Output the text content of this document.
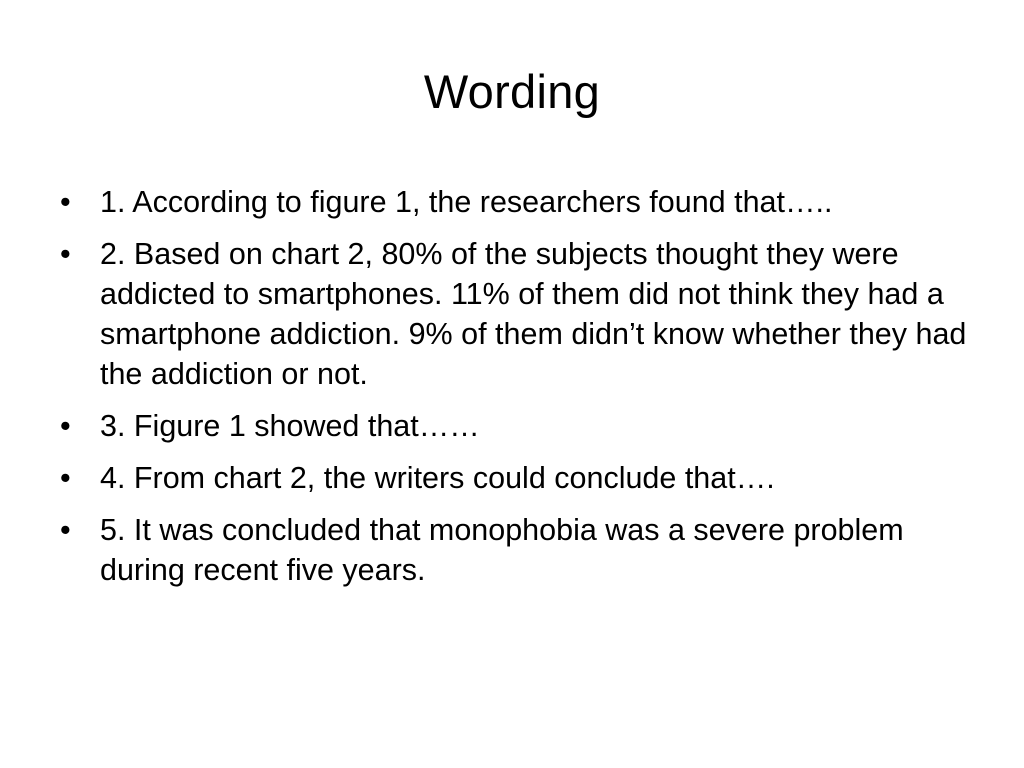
Wording
• 1. According to figure 1, the researchers found that…..
• 2. Based on chart 2, 80% of the subjects thought they were addicted to smartphones. 11% of them did not think they had a smartphone addiction. 9% of them didn’t know whether they had the addiction or not.
• 3. Figure 1 showed that……
• 4. From chart 2, the writers could conclude that….
• 5. It was concluded that monophobia was a severe problem during recent five years.
